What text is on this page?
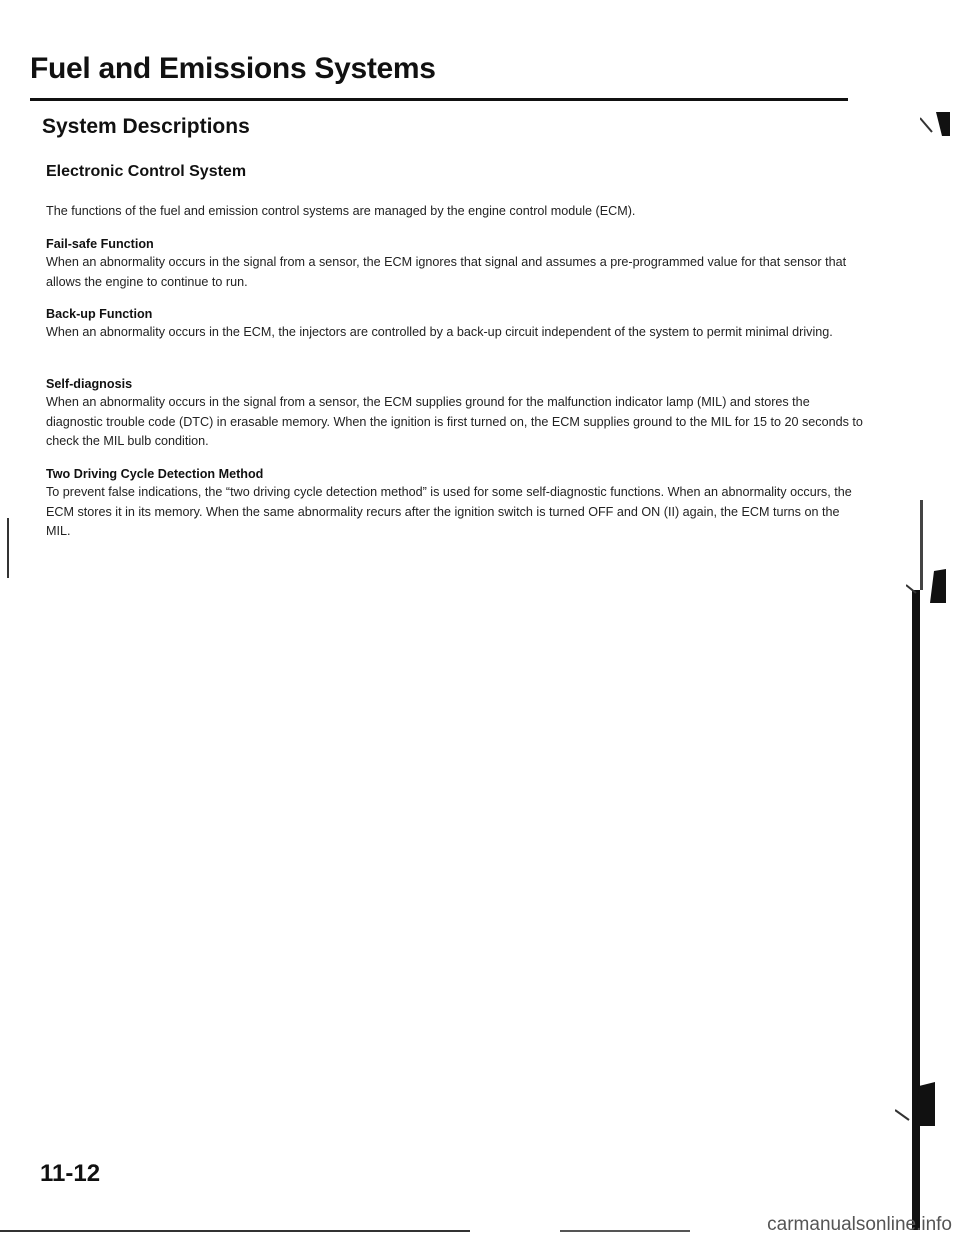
Fuel and Emissions Systems
System Descriptions
Electronic Control System
The functions of the fuel and emission control systems are managed by the engine control module (ECM).
Fail-safe Function
When an abnormality occurs in the signal from a sensor, the ECM ignores that signal and assumes a pre-programmed value for that sensor that allows the engine to continue to run.
Back-up Function
When an abnormality occurs in the ECM, the injectors are controlled by a back-up circuit independent of the system to permit minimal driving.
Self-diagnosis
When an abnormality occurs in the signal from a sensor, the ECM supplies ground for the malfunction indicator lamp (MIL) and stores the diagnostic trouble code (DTC) in erasable memory. When the ignition is first turned on, the ECM supplies ground to the MIL for 15 to 20 seconds to check the MIL bulb condition.
Two Driving Cycle Detection Method
To prevent false indications, the “two driving cycle detection method” is used for some self-diagnostic functions. When an abnormality occurs, the ECM stores it in its memory. When the same abnormality recurs after the ignition switch is turned OFF and ON (II) again, the ECM turns on the MIL.
11-12
carmanualsonline.info
